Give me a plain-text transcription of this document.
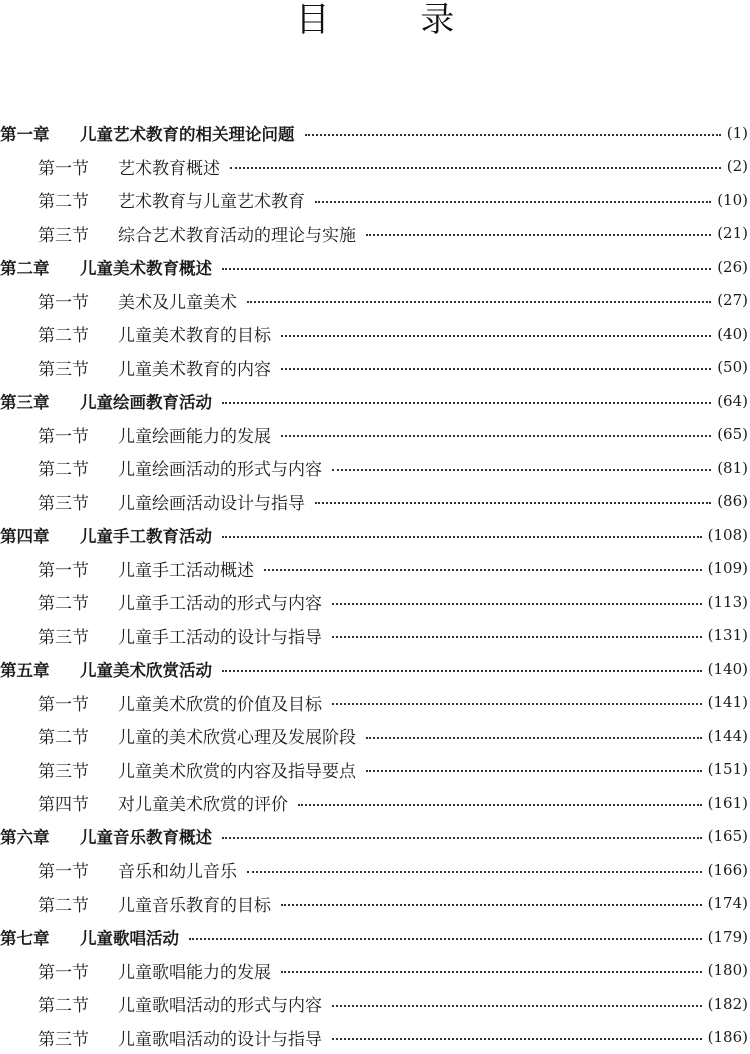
目 录
第一章	儿童艺术教育的相关理论问题	(1)
第一节	艺术教育概述	(2)
第二节	艺术教育与儿童艺术教育	(10)
第三节	综合艺术教育活动的理论与实施	(21)
第二章	儿童美术教育概述	(26)
第一节	美术及儿童美术	(27)
第二节	儿童美术教育的目标	(40)
第三节	儿童美术教育的内容	(50)
第三章	儿童绘画教育活动	(64)
第一节	儿童绘画能力的发展	(65)
第二节	儿童绘画活动的形式与内容	(81)
第三节	儿童绘画活动设计与指导	(86)
第四章	儿童手工教育活动	(108)
第一节	儿童手工活动概述	(109)
第二节	儿童手工活动的形式与内容	(113)
第三节	儿童手工活动的设计与指导	(131)
第五章	儿童美术欣赏活动	(140)
第一节	儿童美术欣赏的价值及目标	(141)
第二节	儿童的美术欣赏心理及发展阶段	(144)
第三节	儿童美术欣赏的内容及指导要点	(151)
第四节	对儿童美术欣赏的评价	(161)
第六章	儿童音乐教育概述	(165)
第一节	音乐和幼儿音乐	(166)
第二节	儿童音乐教育的目标	(174)
第七章	儿童歌唱活动	(179)
第一节	儿童歌唱能力的发展	(180)
第二节	儿童歌唱活动的形式与内容	(182)
第三节	儿童歌唱活动的设计与指导	(186)
